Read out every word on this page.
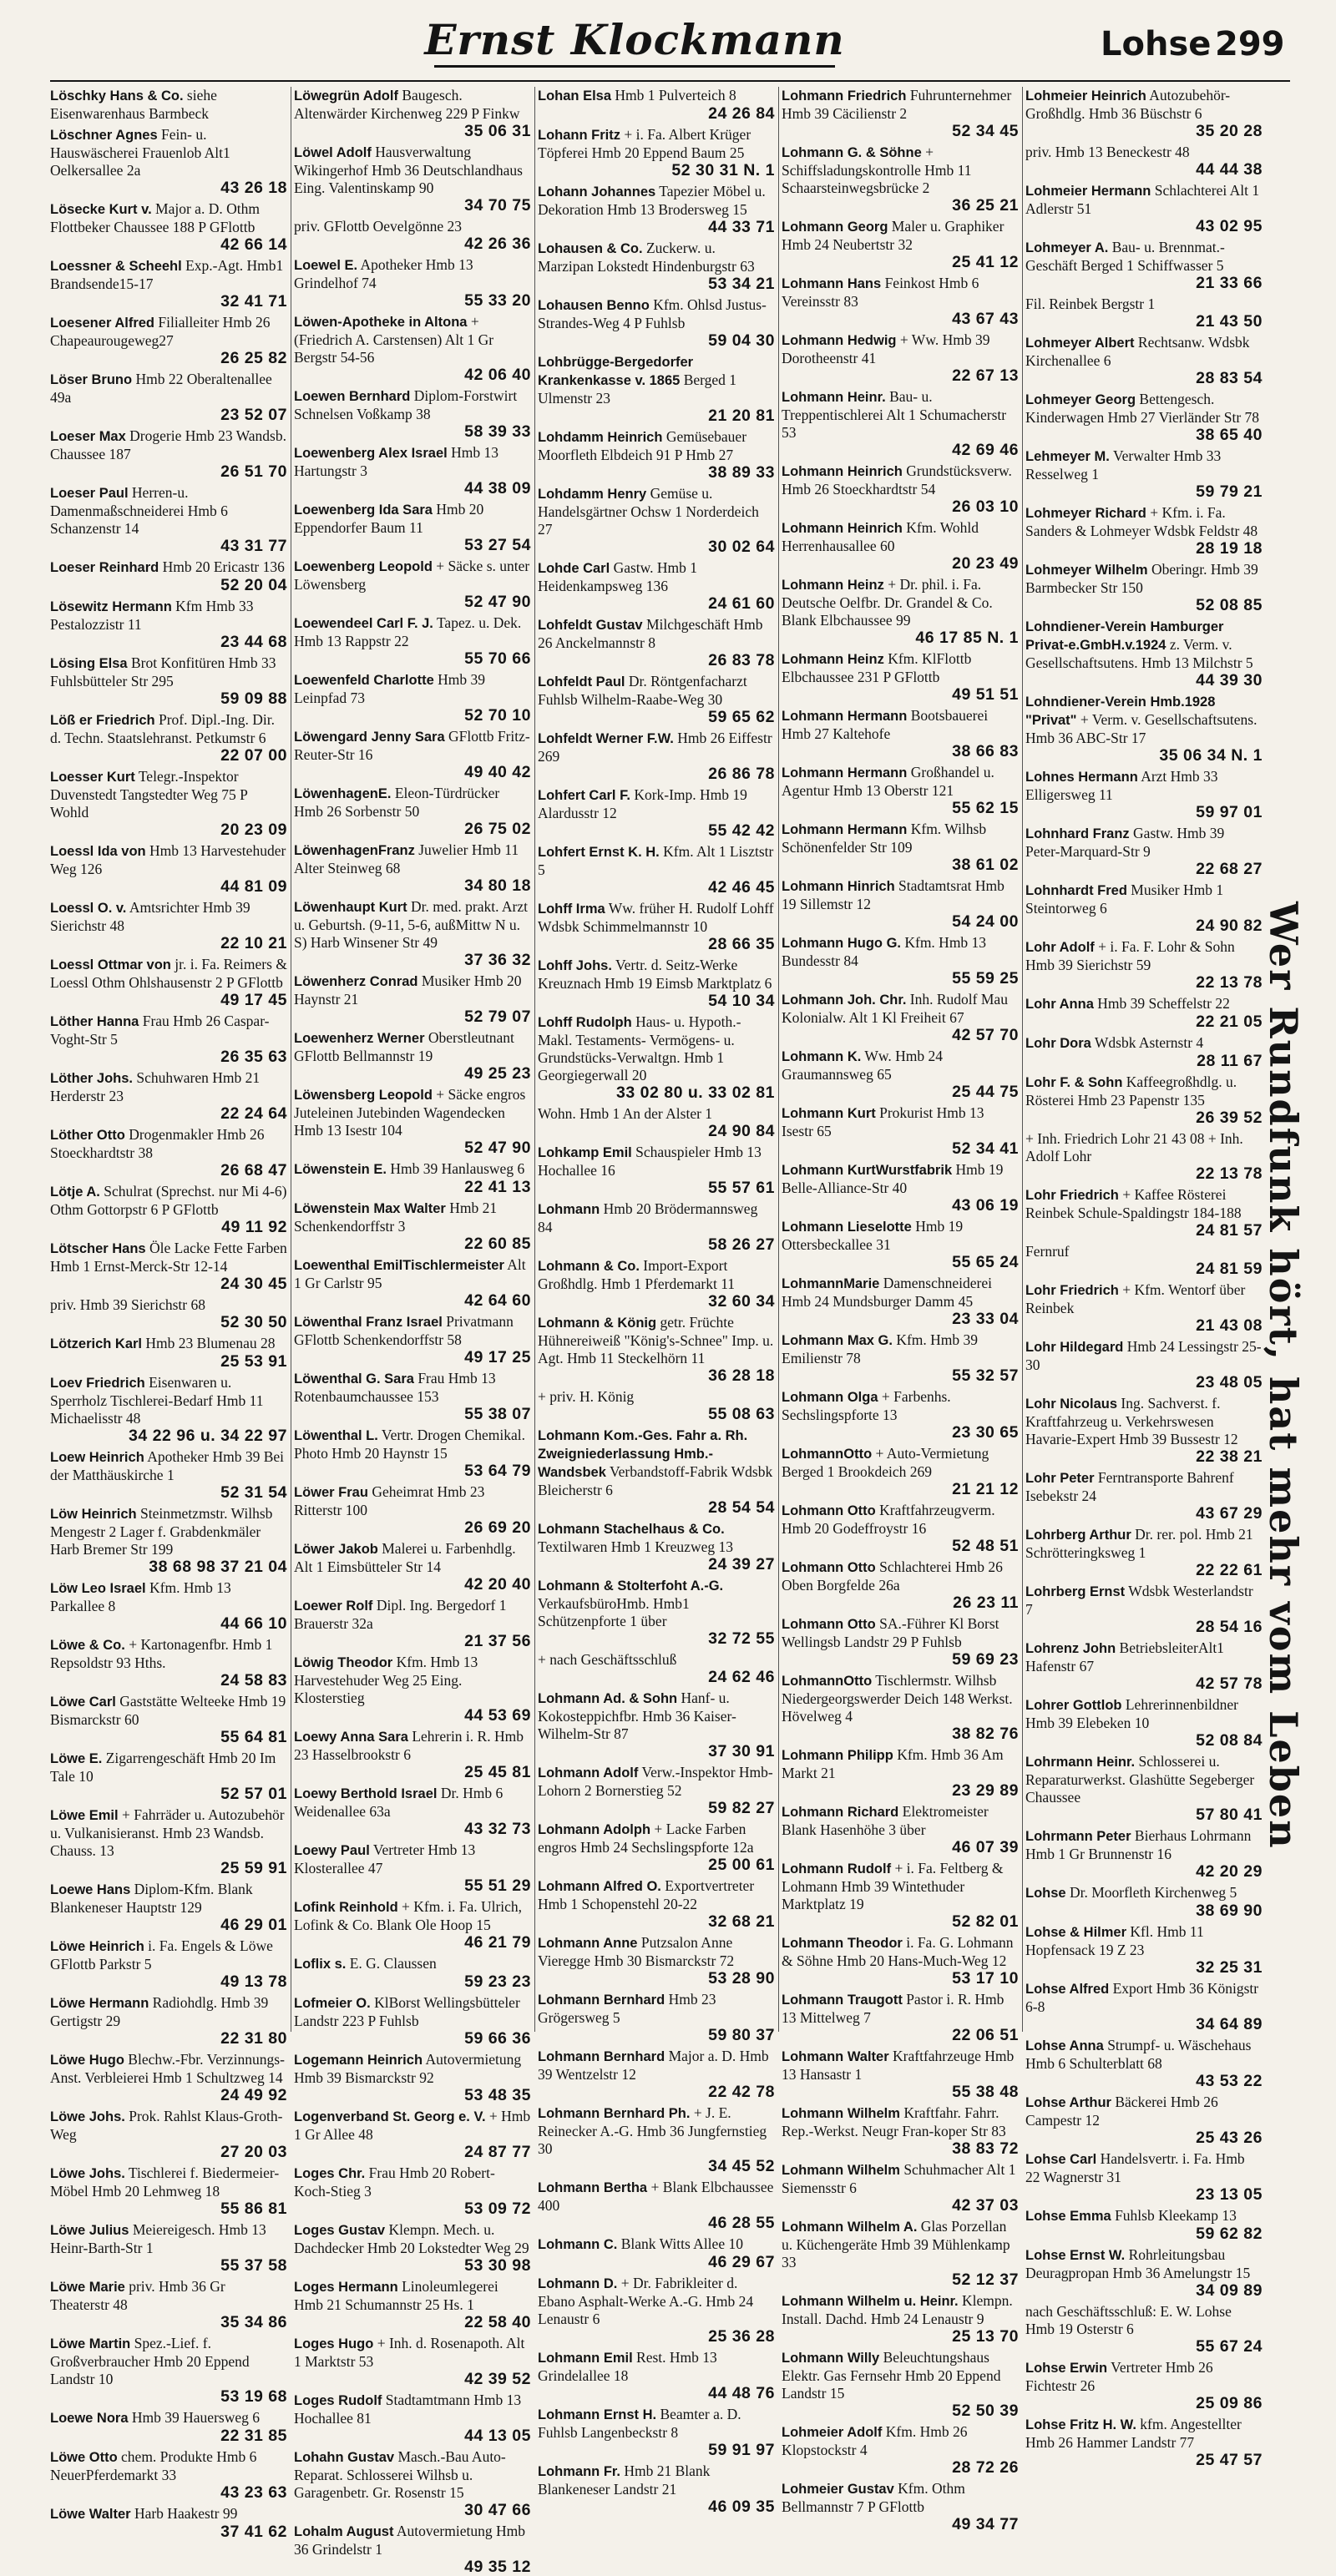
Ernst Klockmann	Lohse 299
Löschky Hans & Co. siehe Eisenwarenhaus Barmbeck
Löschner Agnes Fein- u. Hauswäscherei Frauenlob Alt1 Oelkersallee 2a
43 26 18
Lösecke Kurt v. Major a. D. Othm Flottbeker Chaussee 188 P GFlottb
42 66 14
Loessner & Scheehl Exp.-Agt. Hmb1 Brandsende15-17
32 41 71
Loesener Alfred Filialleiter Hmb 26 Chapeaurougeweg27
26 25 82
Löser Bruno Hmb 22 Oberaltenallee 49a
23 52 07
Loeser Max Drogerie Hmb 23 Wandsb. Chaussee 187
26 51 70
Loeser Paul Herren-u. Damenmaßschneiderei Hmb 6 Schanzenstr 14
43 31 77
Loeser Reinhard Hmb 20 Ericastr 136
52 20 04
Lösewitz Hermann Kfm Hmb 33 Pestalozzistr 11
23 44 68
Lösing Elsa Brot Konfitüren Hmb 33 Fuhlsbütteler Str 295
59 09 88
Löß er Friedrich Prof. Dipl.-Ing. Dir. d. Techn. Staatslehranst. Petkumstr 6
22 07 00
Loesser Kurt Telegr.-Inspektor Duvenstedt Tangstedter Weg 75 P Wohld
20 23 09
Loessl Ida von Hmb 13 Harvestehuder Weg 126
44 81 09
Loessl O. v. Amtsrichter Hmb 39 Sierichstr 48
22 10 21
Loessl Ottmar von jr. i. Fa. Reimers & Loessl Othm Ohlshausenstr 2 P GFlottb
49 17 45
Löther Hanna Frau Hmb 26 Caspar-Voght-Str 5
26 35 63
Löther Johs. Schuhwaren Hmb 21 Herderstr 23
22 24 64
Löther Otto Drogenmakler Hmb 26 Stoeckhardtstr 38
26 68 47
Lötje A. Schulrat (Sprechst. nur Mi 4-6) Othm Gottorpstr 6 P GFlottb
49 11 92
Lötscher Hans Öle Lacke Fette Farben Hmb 1 Ernst-Merck-Str 12-14
24 30 45
priv. Hmb 39 Sierichstr 68
52 30 50
Lötzerich Karl Hmb 23 Blumenau 28
25 53 91
Loev Friedrich Eisenwaren u. Sperrholz Tischlerei-Bedarf Hmb 11 Michaelisstr 48
34 22 96 u. 34 22 97
Loew Heinrich Apotheker Hmb 39 Bei der Matthäuskirche 1
52 31 54
Löw Heinrich Steinmetzmstr. Wilhsb Mengestr 2 Lager f. Grabdenkmäler Harb Bremer Str 199
38 68 98 37 21 04
Löw Leo Israel Kfm. Hmb 13 Parkallee 8
44 66 10
Löwe & Co. + Kartonagenfbr. Hmb 1 Repsoldstr 93 Hths.
24 58 83
Löwe Carl Gaststätte Welteeke Hmb 19 Bismarckstr 60
55 64 81
Löwe E. Zigarrengeschäft Hmb 20 Im Tale 10
52 57 01
Löwe Emil + Fahrräder u. Autozubehör u. Vulkanisieranst. Hmb 23 Wandsb. Chauss. 13
25 59 91
Loewe Hans Diplom-Kfm. Blank Blankeneser Hauptstr 129
46 29 01
Löwe Heinrich i. Fa. Engels & Löwe GFlottb Parkstr 5
49 13 78
Löwe Hermann Radiohdlg. Hmb 39 Gertigstr 29
22 31 80
Löwe Hugo Blechw.-Fbr. Verzinnungs-Anst. Verbleierei Hmb 1 Schultzweg 14
24 49 92
Löwe Johs. Prok. Rahlst Klaus-Groth-Weg
27 20 03
Löwe Johs. Tischlerei f. Biedermeier-Möbel Hmb 20 Lehmweg 18
55 86 81
Löwe Julius Meiereigesch. Hmb 13 Heinr-Barth-Str 1
55 37 58
Löwe Marie priv. Hmb 36 Gr Theaterstr 48
35 34 86
Löwe Martin Spez.-Lief. f. Großverbraucher Hmb 20 Eppend Landstr 10
53 19 68
Loewe Nora Hmb 39 Hauersweg 6
22 31 85
Löwe Otto chem. Produkte Hmb 6 NeuerPferdemarkt 33
43 23 63
Löwe Walter Harb Haakestr 99
37 41 62
Löwegrün Adolf Baugesch. Altenwärder Kirchenweg 229 P Finkw
35 06 31
Löwel Adolf Hausverwaltung Wikingerhof Hmb 36 Deutschlandhaus Eing. Valentinskamp 90
34 70 75
priv. GFlottb Oevelgönne 23
42 26 36
Loewel E. Apotheker Hmb 13 Grindelhof 74
55 33 20
Löwen-Apotheke in Altona + (Friedrich A. Carstensen) Alt 1 Gr Bergstr 54-56
42 06 40
Loewen Bernhard Diplom-Forstwirt Schnelsen Voßkamp 38
58 39 33
Loewenberg Alex Israel Hmb 13 Hartungstr 3
44 38 09
Loewenberg Ida Sara Hmb 20 Eppendorfer Baum 11
53 27 54
Loewenberg Leopold + Säcke s. unter Löwensberg
52 47 90
Loewendeel Carl F. J. Tapez. u. Dek. Hmb 13 Rappstr 22
55 70 66
Loewenfeld Charlotte Hmb 39 Leinpfad 73
52 70 10
Löwengard Jenny Sara GFlottb Fritz-Reuter-Str 16
49 40 42
LöwenhagenE. Eleon-Türdrücker Hmb 26 Sorbenstr 50
26 75 02
LöwenhagenFranz Juwelier Hmb 11 Alter Steinweg 68
34 80 18
Löwenhaupt Kurt Dr. med. prakt. Arzt u. Geburtsh. (9-11, 5-6, außMittw N u. S) Harb Winsener Str 49
37 36 32
Löwenherz Conrad Musiker Hmb 20 Haynstr 21
52 79 07
Loewenherz Werner Oberstleutnant GFlottb Bellmannstr 19
49 25 23
Löwensberg Leopold + Säcke engros Juteleinen Jutebinden Wagendecken Hmb 13 Isestr 104
52 47 90
Löwenstein E. Hmb 39 Hanlausweg 6
22 41 13
Löwenstein Max Walter Hmb 21 Schenkendorffstr 3
22 60 85
Loewenthal EmilTischlermeister Alt 1 Gr Carlstr 95
42 64 60
Löwenthal Franz Israel Privatmann GFlottb Schenkendorffstr 58
49 17 25
Löwenthal G. Sara Frau Hmb 13 Rotenbaumchaussee 153
55 38 07
Löwenthal L. Vertr. Drogen Chemikal. Photo Hmb 20 Haynstr 15
53 64 79
Löwer Frau Geheimrat Hmb 23 Ritterstr 100
26 69 20
Löwer Jakob Malerei u. Farbenhdlg. Alt 1 Eimsbütteler Str 14
42 20 40
Loewer Rolf Dipl. Ing. Bergedorf 1 Brauerstr 32a
21 37 56
Löwig Theodor Kfm. Hmb 13 Harvestehuder Weg 25 Eing. Klosterstieg
44 53 69
Loewy Anna Sara Lehrerin i. R. Hmb 23 Hasselbrookstr 6
25 45 81
Loewy Berthold Israel Dr. Hmb 6 Weidenallee 63a
43 32 73
Loewy Paul Vertreter Hmb 13 Klosterallee 47
55 51 29
Lofink Reinhold + Kfm. i. Fa. Ulrich, Lofink & Co. Blank Ole Hoop 15
46 21 79
Loflix s. E. G. Claussen
59 23 23
Lofmeier O. KlBorst Wellingsbütteler Landstr 223 P Fuhlsb
59 66 36
Logemann Heinrich Autovermietung Hmb 39 Bismarckstr 92
53 48 35
Logenverband St. Georg e. V. + Hmb 1 Gr Allee 48
24 87 77
Loges Chr. Frau Hmb 20 Robert-Koch-Stieg 3
53 09 72
Loges Gustav Klempn. Mech. u. Dachdecker Hmb 20 Lokstedter Weg 29
53 30 98
Loges Hermann Linoleumlegerei Hmb 21 Schumannstr 25 Hs. 1
22 58 40
Loges Hugo + Inh. d. Rosenapoth. Alt 1 Marktstr 53
42 39 52
Loges Rudolf Stadtamtmann Hmb 13 Hochallee 81
44 13 05
Lohahn Gustav Masch.-Bau Auto-Reparat. Schlosserei Wilhsb u. Garagenbetr. Gr. Rosenstr 15
30 47 66
Lohalm August Autovermietung Hmb 36 Grindelstr 1
49 35 12
Lohan Elsa Hmb 1 Pulverteich 8
24 26 84
Lohann Fritz + i. Fa. Albert Krüger Töpferei Hmb 20 Eppend Baum 25
52 30 31 N. 1
Lohann Johannes Tapezier Möbel u. Dekoration Hmb 13 Brodersweg 15
44 33 71
Lohausen & Co. Zuckerw. u. Marzipan Lokstedt Hindenburgstr 63
53 34 21
Lohausen Benno Kfm. Ohlsd Justus-Strandes-Weg 4 P Fuhlsb
59 04 30
Lohbrügge-Bergedorfer Krankenkasse v. 1865 Berged 1 Ulmenstr 23
21 20 81
Lohdamm Heinrich Gemüsebauer Moorfleth Elbdeich 91 P Hmb 27
38 89 33
Lohdamm Henry Gemüse u. Handelsgärtner Ochsw 1 Norderdeich 27
30 02 64
Lohde Carl Gastw. Hmb 1 Heidenkampsweg 136
24 61 60
Lohfeldt Gustav Milchgeschäft Hmb 26 Anckelmannstr 8
26 83 78
Lohfeldt Paul Dr. Röntgenfacharzt Fuhlsb Wilhelm-Raabe-Weg 30
59 65 62
Lohfeldt Werner F.W. Hmb 26 Eiffestr 269
26 86 78
Lohfert Carl F. Kork-Imp. Hmb 19 Alardusstr 12
55 42 42
Lohfert Ernst K. H. Kfm. Alt 1 Lisztstr 5
42 46 45
Lohff Irma Ww. früher H. Rudolf Lohff Wdsbk Schimmelmannstr 10
28 66 35
Lohff Johs. Vertr. d. Seitz-Werke Kreuznach Hmb 19 Eimsb Marktplatz 6
54 10 34
Lohff Rudolph Haus- u. Hypoth.-Makl. Testaments- Vermögens- u. Grundstücks-Verwaltgn. Hmb 1 Georgiegerwall 20
33 02 80 u. 33 02 81
Wohn. Hmb 1 An der Alster 1
24 90 84
Lohkamp Emil Schauspieler Hmb 13 Hochallee 16
55 57 61
Lohmann Hmb 20 Brödermannsweg 84
58 26 27
Lohmann & Co. Import-Export Großhdlg. Hmb 1 Pferdemarkt 11
32 60 34
Lohmann & König getr. Früchte Hühnereiweiß "König's-Schnee" Imp. u. Agt. Hmb 11 Steckelhörn 11
36 28 18
+ priv. H. König
55 08 63
Lohmann Kom.-Ges. Fahr a. Rh. Zweigniederlassung Hmb.-Wandsbek Verbandstoff-Fabrik Wdsbk Bleicherstr 6
28 54 54
Lohmann Stachelhaus & Co. Textilwaren Hmb 1 Kreuzweg 13
24 39 27
Lohmann & Stolterfoht A.-G. VerkaufsbüroHmb. Hmb1 Schützenpforte 1 über
32 72 55
+ nach Geschäftsschluß
24 62 46
Lohmann Ad. & Sohn Hanf- u. Kokosteppichfbr. Hmb 36 Kaiser-Wilhelm-Str 87
37 30 91
Lohmann Adolf Verw.-Inspektor Hmb-Lohorn 2 Bornerstieg 52
59 82 27
Lohmann Adolph + Lacke Farben engros Hmb 24 Sechslingspforte 12a
25 00 61
Lohmann Alfred O. Exportvertreter Hmb 1 Schopenstehl 20-22
32 68 21
Lohmann Anne Putzsalon Anne Vieregge Hmb 30 Bismarckstr 72
53 28 90
Lohmann Bernhard Hmb 23 Grögersweg 5
59 80 37
Lohmann Bernhard Major a. D. Hmb 39 Wentzelstr 12
22 42 78
Lohmann Bernhard Ph. + J. E. Reinecker A.-G. Hmb 36 Jungfernstieg 30
34 45 52
Lohmann Bertha + Blank Elbchaussee 400
46 28 55
Lohmann C. Blank Witts Allee 10
46 29 67
Lohmann D. + Dr. Fabrikleiter d. Ebano Asphalt-Werke A.-G. Hmb 24 Lenaustr 6
25 36 28
Lohmann Emil Rest. Hmb 13 Grindelallee 18
44 48 76
Lohmann Ernst H. Beamter a. D. Fuhlsb Langenbeckstr 8
59 91 97
Lohmann Fr. Hmb 21 Blank Blankeneser Landstr 21
46 09 35
Lohmann Friedrich Fuhrunternehmer Hmb 39 Cäcilienstr 2
52 34 45
Lohmann G. & Söhne + Schiffsladungskontrolle Hmb 11 Schaarsteinwegsbrücke 2
36 25 21
Lohmann Georg Maler u. Graphiker Hmb 24 Neubertstr 32
25 41 12
Lohmann Hans Feinkost Hmb 6 Vereinsstr 83
43 67 43
Lohmann Hedwig + Ww. Hmb 39 Dorotheenstr 41
22 67 13
Lohmann Heinr. Bau- u. Treppentischlerei Alt 1 Schumacherstr 53
42 69 46
Lohmann Heinrich Grundstücksverw. Hmb 26 Stoeckhardtstr 54
26 03 10
Lohmann Heinrich Kfm. Wohld Herrenhausallee 60
20 23 49
Lohmann Heinz + Dr. phil. i. Fa. Deutsche Oelfbr. Dr. Grandel & Co. Blank Elbchaussee 99
46 17 85 N. 1
Lohmann Heinz Kfm. KlFlottb Elbchaussee 231 P GFlottb
49 51 51
Lohmann Hermann Bootsbauerei Hmb 27 Kaltehofe
38 66 83
Lohmann Hermann Großhandel u. Agentur Hmb 13 Oberstr 121
55 62 15
Lohmann Hermann Kfm. Wilhsb Schönenfelder Str 109
38 61 02
Lohmann Hinrich Stadtamtsrat Hmb 19 Sillemstr 12
54 24 00
Lohmann Hugo G. Kfm. Hmb 13 Bundesstr 84
55 59 25
Lohmann Joh. Chr. Inh. Rudolf Mau Kolonialw. Alt 1 Kl Freiheit 67
42 57 70
Lohmann K. Ww. Hmb 24 Graumannsweg 65
25 44 75
Lohmann Kurt Prokurist Hmb 13 Isestr 65
52 34 41
Lohmann KurtWurstfabrik Hmb 19 Belle-Alliance-Str 40
43 06 19
Lohmann Lieselotte Hmb 19 Ottersbeckallee 31
55 65 24
LohmannMarie Damenschneiderei Hmb 24 Mundsburger Damm 45
23 33 04
Lohmann Max G. Kfm. Hmb 39 Emilienstr 78
55 32 57
Lohmann Olga + Farbenhs. Sechslingspforte 13
23 30 65
LohmannOtto + Auto-Vermietung Berged 1 Brookdeich 269
21 21 12
Lohmann Otto Kraftfahrzeugverm. Hmb 20 Godeffroystr 16
52 48 51
Lohmann Otto Schlachterei Hmb 26 Oben Borgfelde 26a
26 23 11
Lohmann Otto SA.-Führer Kl Borst Wellingsb Landstr 29 P Fuhlsb
59 69 23
LohmannOtto Tischlermstr. Wilhsb Niedergeorgswerder Deich 148 Werkst. Hövelweg 4
38 82 76
Lohmann Philipp Kfm. Hmb 36 Am Markt 21
23 29 89
Lohmann Richard Elektromeister Blank Hasenhöhe 3 über
46 07 39
Lohmann Rudolf + i. Fa. Feltberg & Lohmann Hmb 39 Wintethuder Marktplatz 19
52 82 01
Lohmann Theodor i. Fa. G. Lohmann & Söhne Hmb 20 Hans-Much-Weg 12
53 17 10
Lohmann Traugott Pastor i. R. Hmb 13 Mittelweg 7
22 06 51
Lohmann Walter Kraftfahrzeuge Hmb 13 Hansastr 1
55 38 48
Lohmann Wilhelm Kraftfahr. Fahrr. Rep.-Werkst. Neugr Fran-koper Str 83
38 83 72
Lohmann Wilhelm Schuhmacher Alt 1 Siemensstr 6
42 37 03
Lohmann Wilhelm A. Glas Porzellan u. Küchengeräte Hmb 39 Mühlenkamp 33
52 12 37
Lohmann Wilhelm u. Heinr. Klempn. Install. Dachd. Hmb 24 Lenaustr 9
25 13 70
Lohmann Willy Beleuchtungshaus Elektr. Gas Fernsehr Hmb 20 Eppend Landstr 15
52 50 39
Lohmeier Adolf Kfm. Hmb 26 Klopstockstr 4
28 72 26
Lohmeier Gustav Kfm. Othm Bellmannstr 7 P GFlottb
49 34 77
Lohmeier Heinrich Autozubehör-Großhdlg. Hmb 36 Büschstr 6
35 20 28
priv. Hmb 13 Beneckestr 48
44 44 38
Lohmeier Hermann Schlachterei Alt 1 Adlerstr 51
43 02 95
Lohmeyer A. Bau- u. Brennmat.-Geschäft Berged 1 Schiffwasser 5
21 33 66
Fil. Reinbek Bergstr 1
21 43 50
Lohmeyer Albert Rechtsanw. Wdsbk Kirchenallee 6
28 83 54
Lohmeyer Georg Bettengesch. Kinderwagen Hmb 27 Vierländer Str 78
38 65 40
Lehmeyer M. Verwalter Hmb 33 Resselweg 1
59 79 21
Lohmeyer Richard + Kfm. i. Fa. Sanders & Lohmeyer Wdsbk Feldstr 48
28 19 18
Lohmeyer Wilhelm Oberingr. Hmb 39 Barmbecker Str 150
52 08 85
Lohndiener-Verein Hamburger Privat-e.GmbH.v.1924 z. Verm. v. Gesellschaftsutens. Hmb 13 Milchstr 5
44 39 30
Lohndiener-Verein Hmb.1928 "Privat" + Verm. v. Gesellschaftsutens. Hmb 36 ABC-Str 17
35 06 34 N. 1
Lohnes Hermann Arzt Hmb 33 Elligersweg 11
59 97 01
Lohnhard Franz Gastw. Hmb 39 Peter-Marquard-Str 9
22 68 27
Lohnhardt Fred Musiker Hmb 1 Steintorweg 6
24 90 82
Lohr Adolf + i. Fa. F. Lohr & Sohn Hmb 39 Sierichstr 59
22 13 78
Lohr Anna Hmb 39 Scheffelstr 22
22 21 05
Lohr Dora Wdsbk Asternstr 4
28 11 67
Lohr F. & Sohn Kaffeegroßhdlg. u. Rösterei Hmb 23 Papenstr 135
26 39 52
+ Inh. Friedrich Lohr 21 43 08 + Inh. Adolf Lohr
22 13 78
Lohr Friedrich + Kaffee Rösterei Reinbek Schule-Spaldingstr 184-188
24 81 57
Fernruf
24 81 59
Lohr Friedrich + Kfm. Wentorf über Reinbek
21 43 08
Lohr Hildegard Hmb 24 Lessingstr 25-30
23 48 05
Lohr Nicolaus Ing. Sachverst. f. Kraftfahrzeug u. Verkehrswesen Havarie-Expert Hmb 39 Bussestr 12
22 38 21
Lohr Peter Ferntransporte Bahrenf Isebekstr 24
43 67 29
Lohrberg Arthur Dr. rer. pol. Hmb 21 Schrötteringksweg 1
22 22 61
Lohrberg Ernst Wdsbk Westerlandstr 7
28 54 16
Lohrenz John BetriebsleiterAlt1 Hafenstr 67
42 57 78
Lohrer Gottlob Lehrerinnenbildner Hmb 39 Elebeken 10
52 08 84
Lohrmann Heinr. Schlosserei u. Reparaturwerkst. Glashütte Segeberger Chaussee
57 80 41
Lohrmann Peter Bierhaus Lohrmann Hmb 1 Gr Brunnenstr 16
42 20 29
Lohse Dr. Moorfleth Kirchenweg 5
38 69 90
Lohse & Hilmer Kfl. Hmb 11 Hopfensack 19 Z 23
32 25 31
Lohse Alfred Export Hmb 36 Königstr 6-8
34 64 89
Lohse Anna Strumpf- u. Wäschehaus Hmb 6 Schulterblatt 68
43 53 22
Lohse Arthur Bäckerei Hmb 26 Campestr 12
25 43 26
Lohse Carl Handelsvertr. i. Fa. Hmb 22 Wagnerstr 31
23 13 05
Lohse Emma Fuhlsb Kleekamp 13
59 62 82
Lohse Ernst W. Rohrleitungsbau Deuragpropan Hmb 36 Amelungstr 15
34 09 89
nach Geschäftsschluß: E. W. Lohse Hmb 19 Osterstr 6
55 67 24
Lohse Erwin Vertreter Hmb 26 Fichtestr 26
25 09 86
Lohse Fritz H. W. kfm. Angestellter Hmb 26 Hammer Landstr 77
25 47 57
Wer Rundfunk hört, hat mehr vom Leben
